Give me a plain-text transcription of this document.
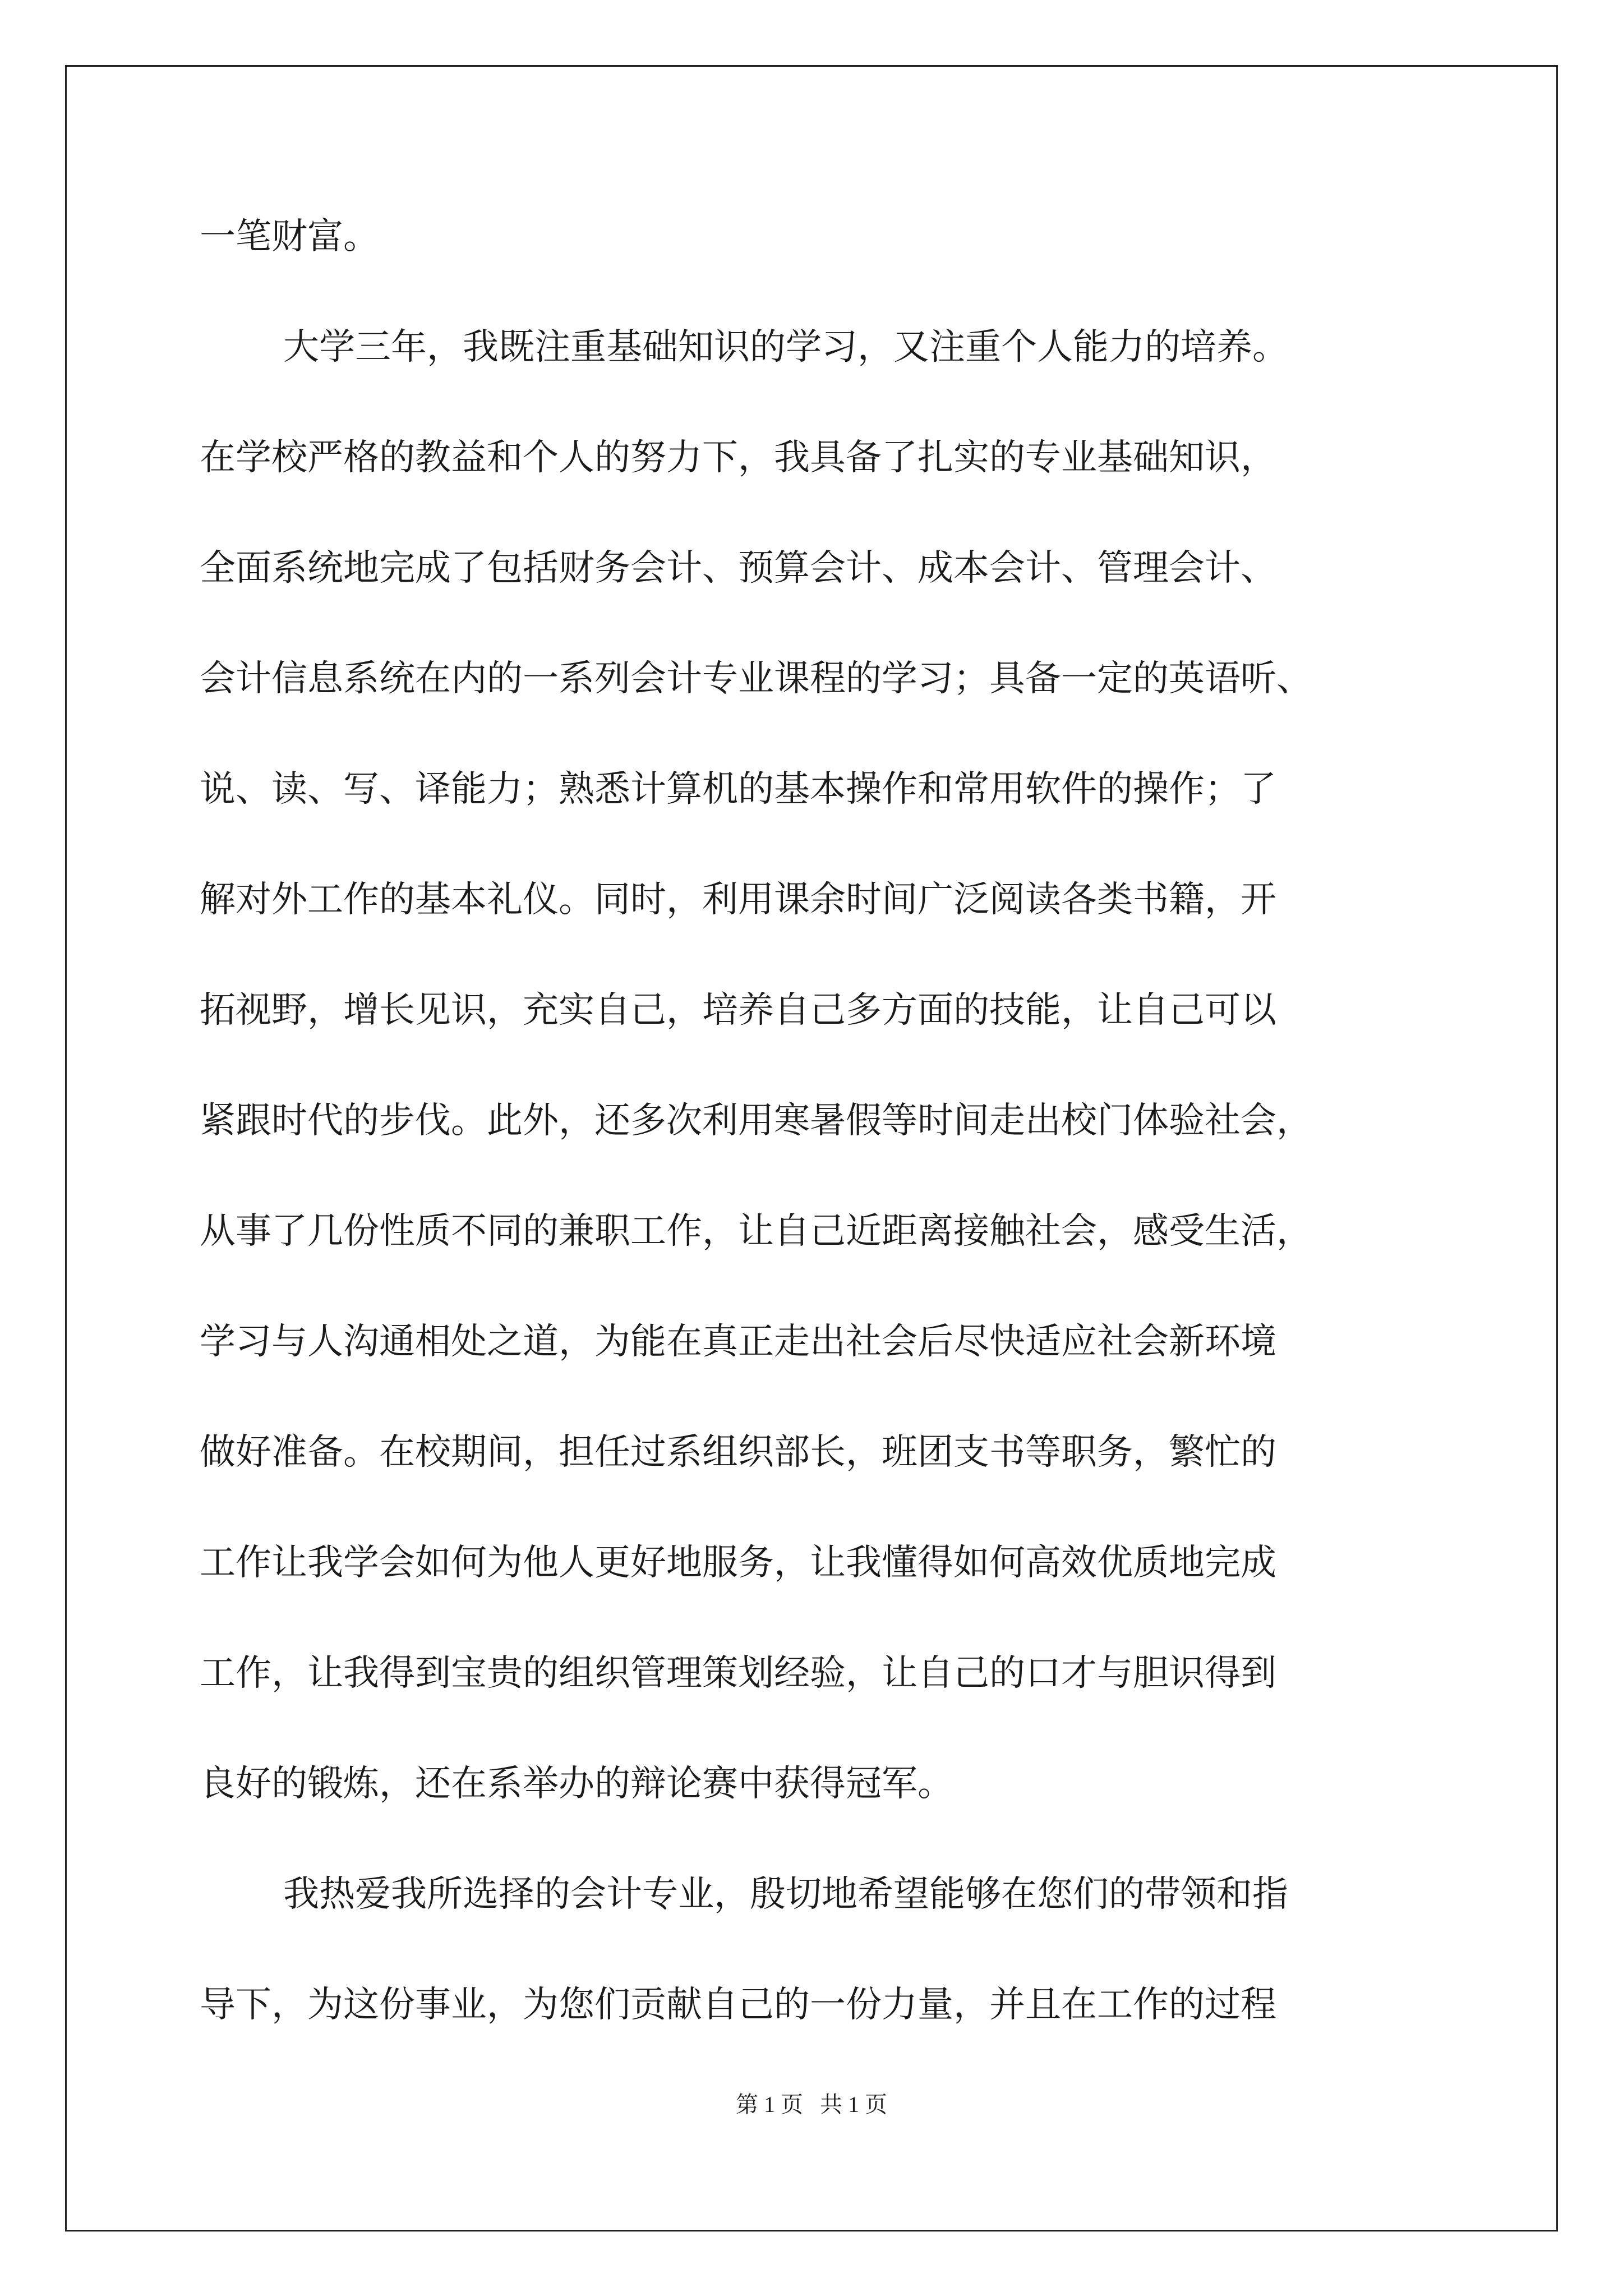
一笔财富。
大学三年，我既注重基础知识的学习，又注重个人能力的培养。
在学校严格的教益和个人的努力下，我具备了扎实的专业基础知识，
全面系统地完成了包括财务会计、预算会计、成本会计、管理会计、
会计信息系统在内的一系列会计专业课程的学习；具备一定的英语听、
说、读、写、译能力；熟悉计算机的基本操作和常用软件的操作；了
解对外工作的基本礼仪。同时，利用课余时间广泛阅读各类书籍，开
拓视野，增长见识，充实自己，培养自己多方面的技能，让自己可以
紧跟时代的步伐。此外，还多次利用寒暑假等时间走出校门体验社会，
从事了几份性质不同的兼职工作，让自己近距离接触社会，感受生活，
学习与人沟通相处之道，为能在真正走出社会后尽快适应社会新环境
做好准备。在校期间，担任过系组织部长，班团支书等职务，繁忙的
工作让我学会如何为他人更好地服务，让我懂得如何高效优质地完成
工作，让我得到宝贵的组织管理策划经验，让自己的口才与胆识得到
良好的锻炼，还在系举办的辩论赛中获得冠军。
我热爱我所选择的会计专业，殷切地希望能够在您们的带领和指
导下，为这份事业，为您们贡献自己的一份力量，并且在工作的过程
第 1 页   共 1 页
